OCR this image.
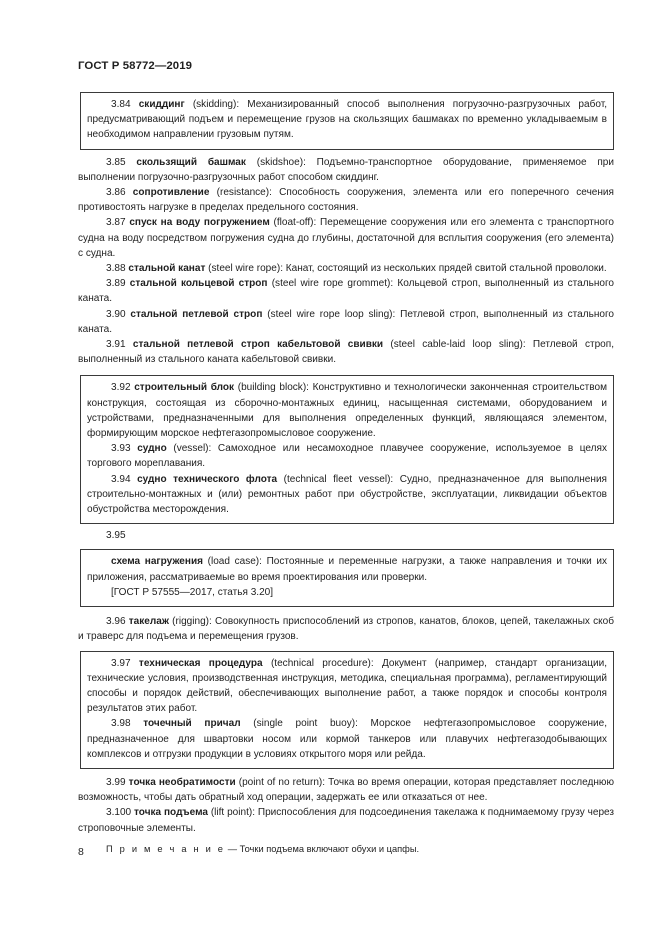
ГОСТ Р 58772—2019

3.84 скиддинг (skidding): Механизированный способ выполнения погрузочно-разгрузочных работ, предусматривающий подъем и перемещение грузов на скользящих башмаках по временно укладываемым в необходимом направлении грузовым путям.

3.85 скользящий башмак (skidshoe): Подъемно-транспортное оборудование, применяемое при выполнении погрузочно-разгрузочных работ способом скиддинг.

3.86 сопротивление (resistance): Способность сооружения, элемента или его поперечного сечения противостоять нагрузке в пределах предельного состояния.

3.87 спуск на воду погружением (float-off): Перемещение сооружения или его элемента с транспортного судна на воду посредством погружения судна до глубины, достаточной для всплытия сооружения (его элемента) с судна.

3.88 стальной канат (steel wire rope): Канат, состоящий из нескольких прядей свитой стальной проволоки.

3.89 стальной кольцевой строп (steel wire rope grommet): Кольцевой строп, выполненный из стального каната.

3.90 стальной петлевой строп (steel wire rope loop sling): Петлевой строп, выполненный из стального каната.

3.91 стальной петлевой строп кабельтовой свивки (steel cable-laid loop sling): Петлевой строп, выполненный из стального каната кабельтовой свивки.

3.92 строительный блок (building block): Конструктивно и технологически законченная строительством конструкция, состоящая из сборочно-монтажных единиц, насыщенная системами, оборудованием и устройствами, предназначенными для выполнения определенных функций, являющаяся элементом, формирующим морское нефтегазопромысловое сооружение.

3.93 судно (vessel): Самоходное или несамоходное плавучее сооружение, используемое в целях торгового мореплавания.

3.94 судно технического флота (technical fleet vessel): Судно, предназначенное для выполнения строительно-монтажных и (или) ремонтных работ при обустройстве, эксплуатации, ликвидации объектов обустройства месторождения.

3.95

схема нагружения (load case): Постоянные и переменные нагрузки, а также направления и точки их приложения, рассматриваемые во время проектирования или проверки.

[ГОСТ Р 57555—2017, статья 3.20]

3.96 такелаж (rigging): Совокупность приспособлений из стропов, канатов, блоков, цепей, такелажных скоб и траверс для подъема и перемещения грузов.

3.97 техническая процедура (technical procedure): Документ (например, стандарт организации, технические условия, производственная инструкция, методика, специальная программа), регламентирующий способы и порядок действий, обеспечивающих выполнение работ, а также порядок и способы контроля результатов этих работ.

3.98 точечный причал (single point buoy): Морское нефтегазопромысловое сооружение, предназначенное для швартовки носом или кормой танкеров или плавучих нефтегазодобывающих комплексов и отгрузки продукции в условиях открытого моря или рейда.

3.99 точка необратимости (point of no return): Точка во время операции, которая представляет последнюю возможность, чтобы дать обратный ход операции, задержать ее или отказаться от нее.

3.100 точка подъема (lift point): Приспособления для подсоединения такелажа к поднимаемому грузу через строповочные элементы.

П р и м е ч а н и е — Точки подъема включают обухи и цапфы.

8
